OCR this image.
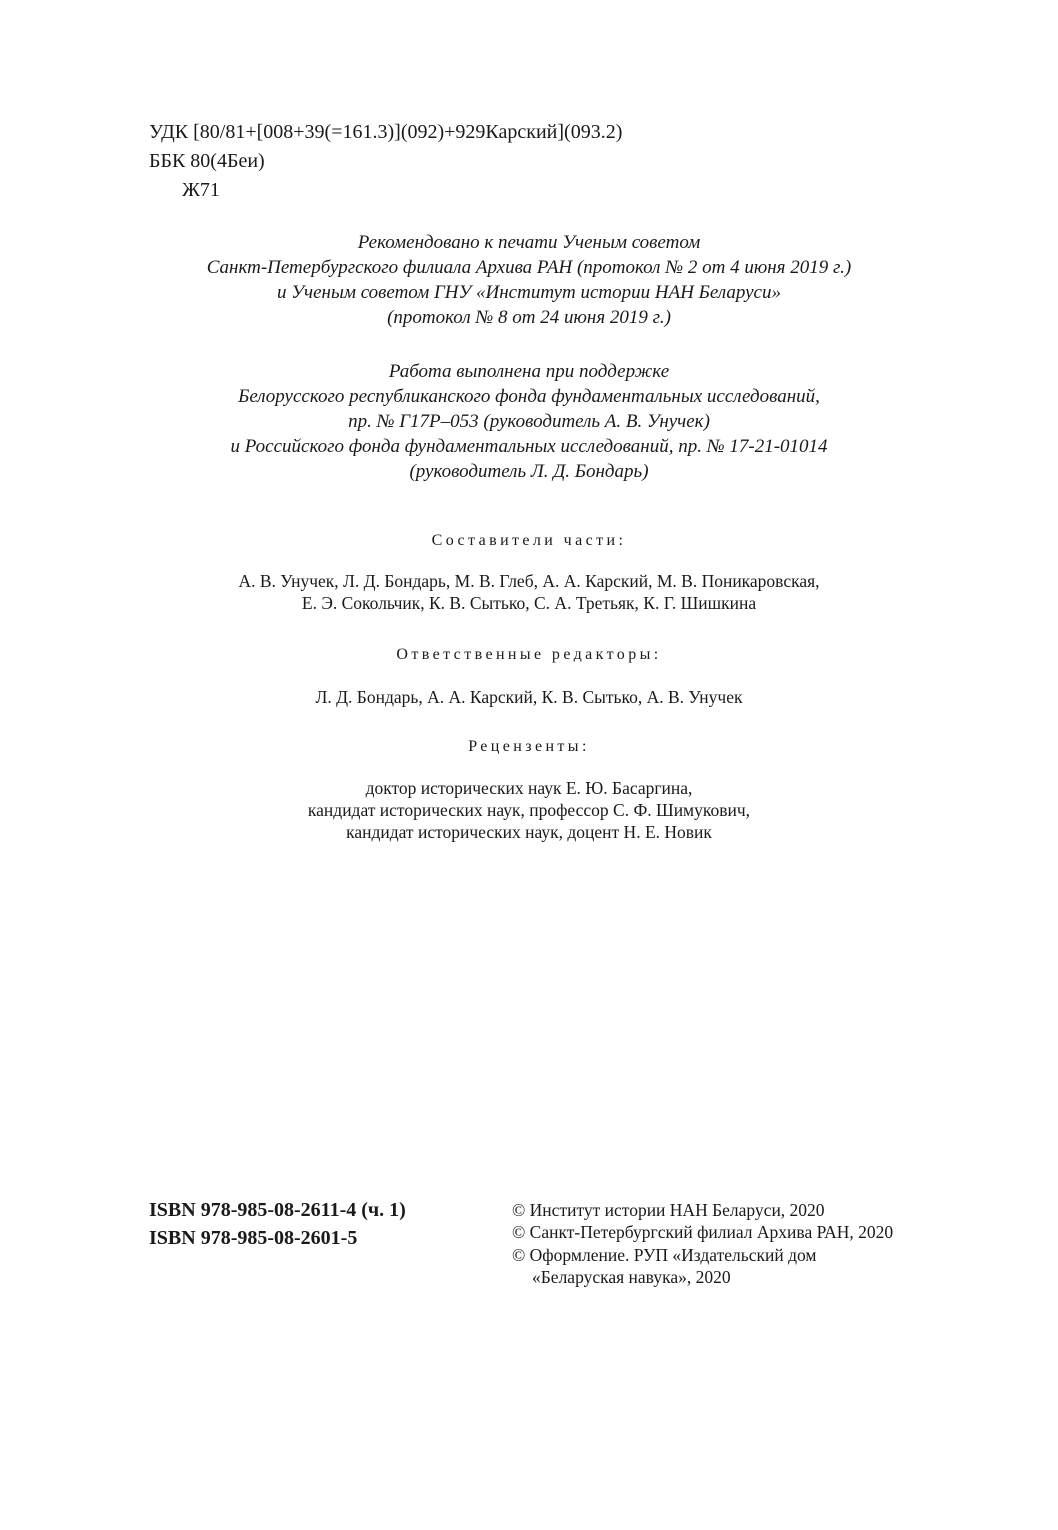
УДК [80/81+[008+39(=161.3)](092)+929Карский](093.2)
ББК 80(4Беи)
Ж71
Рекомендовано к печати Ученым советом
Санкт-Петербургского филиала Архива РАН (протокол № 2 от 4 июня 2019 г.)
и Ученым советом ГНУ «Институт истории НАН Беларуси»
(протокол № 8 от 24 июня 2019 г.)
Работа выполнена при поддержке
Белорусского республиканского фонда фундаментальных исследований,
пр. № Г17Р–053 (руководитель А. В. Унучек)
и Российского фонда фундаментальных исследований, пр. № 17-21-01014
(руководитель Л. Д. Бондарь)
Составители части:
А. В. Унучек, Л. Д. Бондарь, М. В. Глеб, А. А. Карский, М. В. Поникаровская,
Е. Э. Сокольчик, К. В. Сытько, С. А. Третьяк, К. Г. Шишкина
Ответственные редакторы:
Л. Д. Бондарь, А. А. Карский, К. В. Сытько, А. В. Унучек
Рецензенты:
доктор исторических наук Е. Ю. Басаргина,
кандидат исторических наук, профессор С. Ф. Шимукович,
кандидат исторических наук, доцент Н. Е. Новик
ISBN 978-985-08-2611-4 (ч. 1)
ISBN 978-985-08-2601-5
© Институт истории НАН Беларуси, 2020
© Санкт-Петербургский филиал Архива РАН, 2020
© Оформление. РУП «Издательский дом
«Беларуская навука», 2020
